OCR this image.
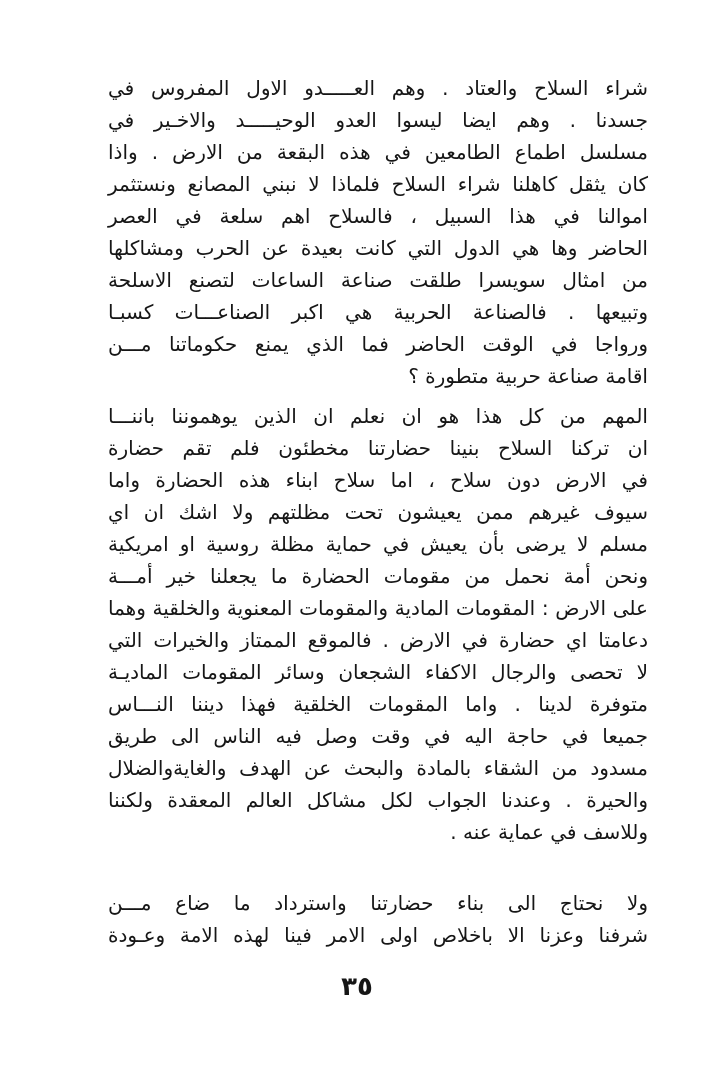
شراء السلاح والعتاد . وهم العـــــدو الاول المفروس في
جسدنا . وهم ايضا ليسوا العدو الوحيـــــد والاخـير في
مسلسل اطماع الطامعين في هذه البقعة من الارض . واذا
كان يثقل كاهلنا شراء السلاح فلماذا لا نبني المصانع ونستثمر
اموالنا في هذا السبيل ، فالسلاح اهم سلعة في العصر
الحاضر وها هي الدول التي كانت بعيدة عن الحرب ومشاكلها
من امثال سويسرا طلقت صناعة الساعات لتصنع الاسلحة
وتبيعها . فالصناعة الحربية هي اكبر الصناعـــات كسبـا
ورواجا في الوقت الحاضر فما الذي يمنع حكوماتنا مـــن
اقامة صناعة حربية متطورة ؟
المهم من كل هذا هو ان نعلم ان الذين يوهموننا باننـــا
ان تركنا السلاح بنينا حضارتنا مخطئون فلم تقم حضارة
في الارض دون سلاح ، اما سلاح ابناء هذه الحضارة واما
سيوف غيرهم ممن يعيشون تحت مظلتهم ولا اشك ان اي
مسلم لا يرضى بأن يعيش في حماية مظلة روسية او امريكية
ونحن أمة نحمل من مقومات الحضارة ما يجعلنا خير أمـــة
على الارض : المقومات المادية والمقومات المعنوية والخلقية وهما
دعامتا اي حضارة في الارض . فالموقع الممتاز والخيرات التي
لا تحصى والرجال الاكفاء الشجعان وسائر المقومات الماديـة
متوفرة لدينا . واما المقومات الخلقية فهذا ديننا النـــاس
جميعا في حاجة اليه في وقت وصل فيه الناس الى طريق
مسدود من الشقاء بالمادة والبحث عن الهدف والغايةوالضلال
والحيرة . وعندنا الجواب لكل مشاكل العالم المعقدة ولكننا
وللاسف في عماية عنه .
ولا نحتاج الى بناء حضارتنا واسترداد ما ضاع مـــن
شرفنا وعزنا الا باخلاص اولى الامر فينا لهذه الامة وعـودة
٣٥
